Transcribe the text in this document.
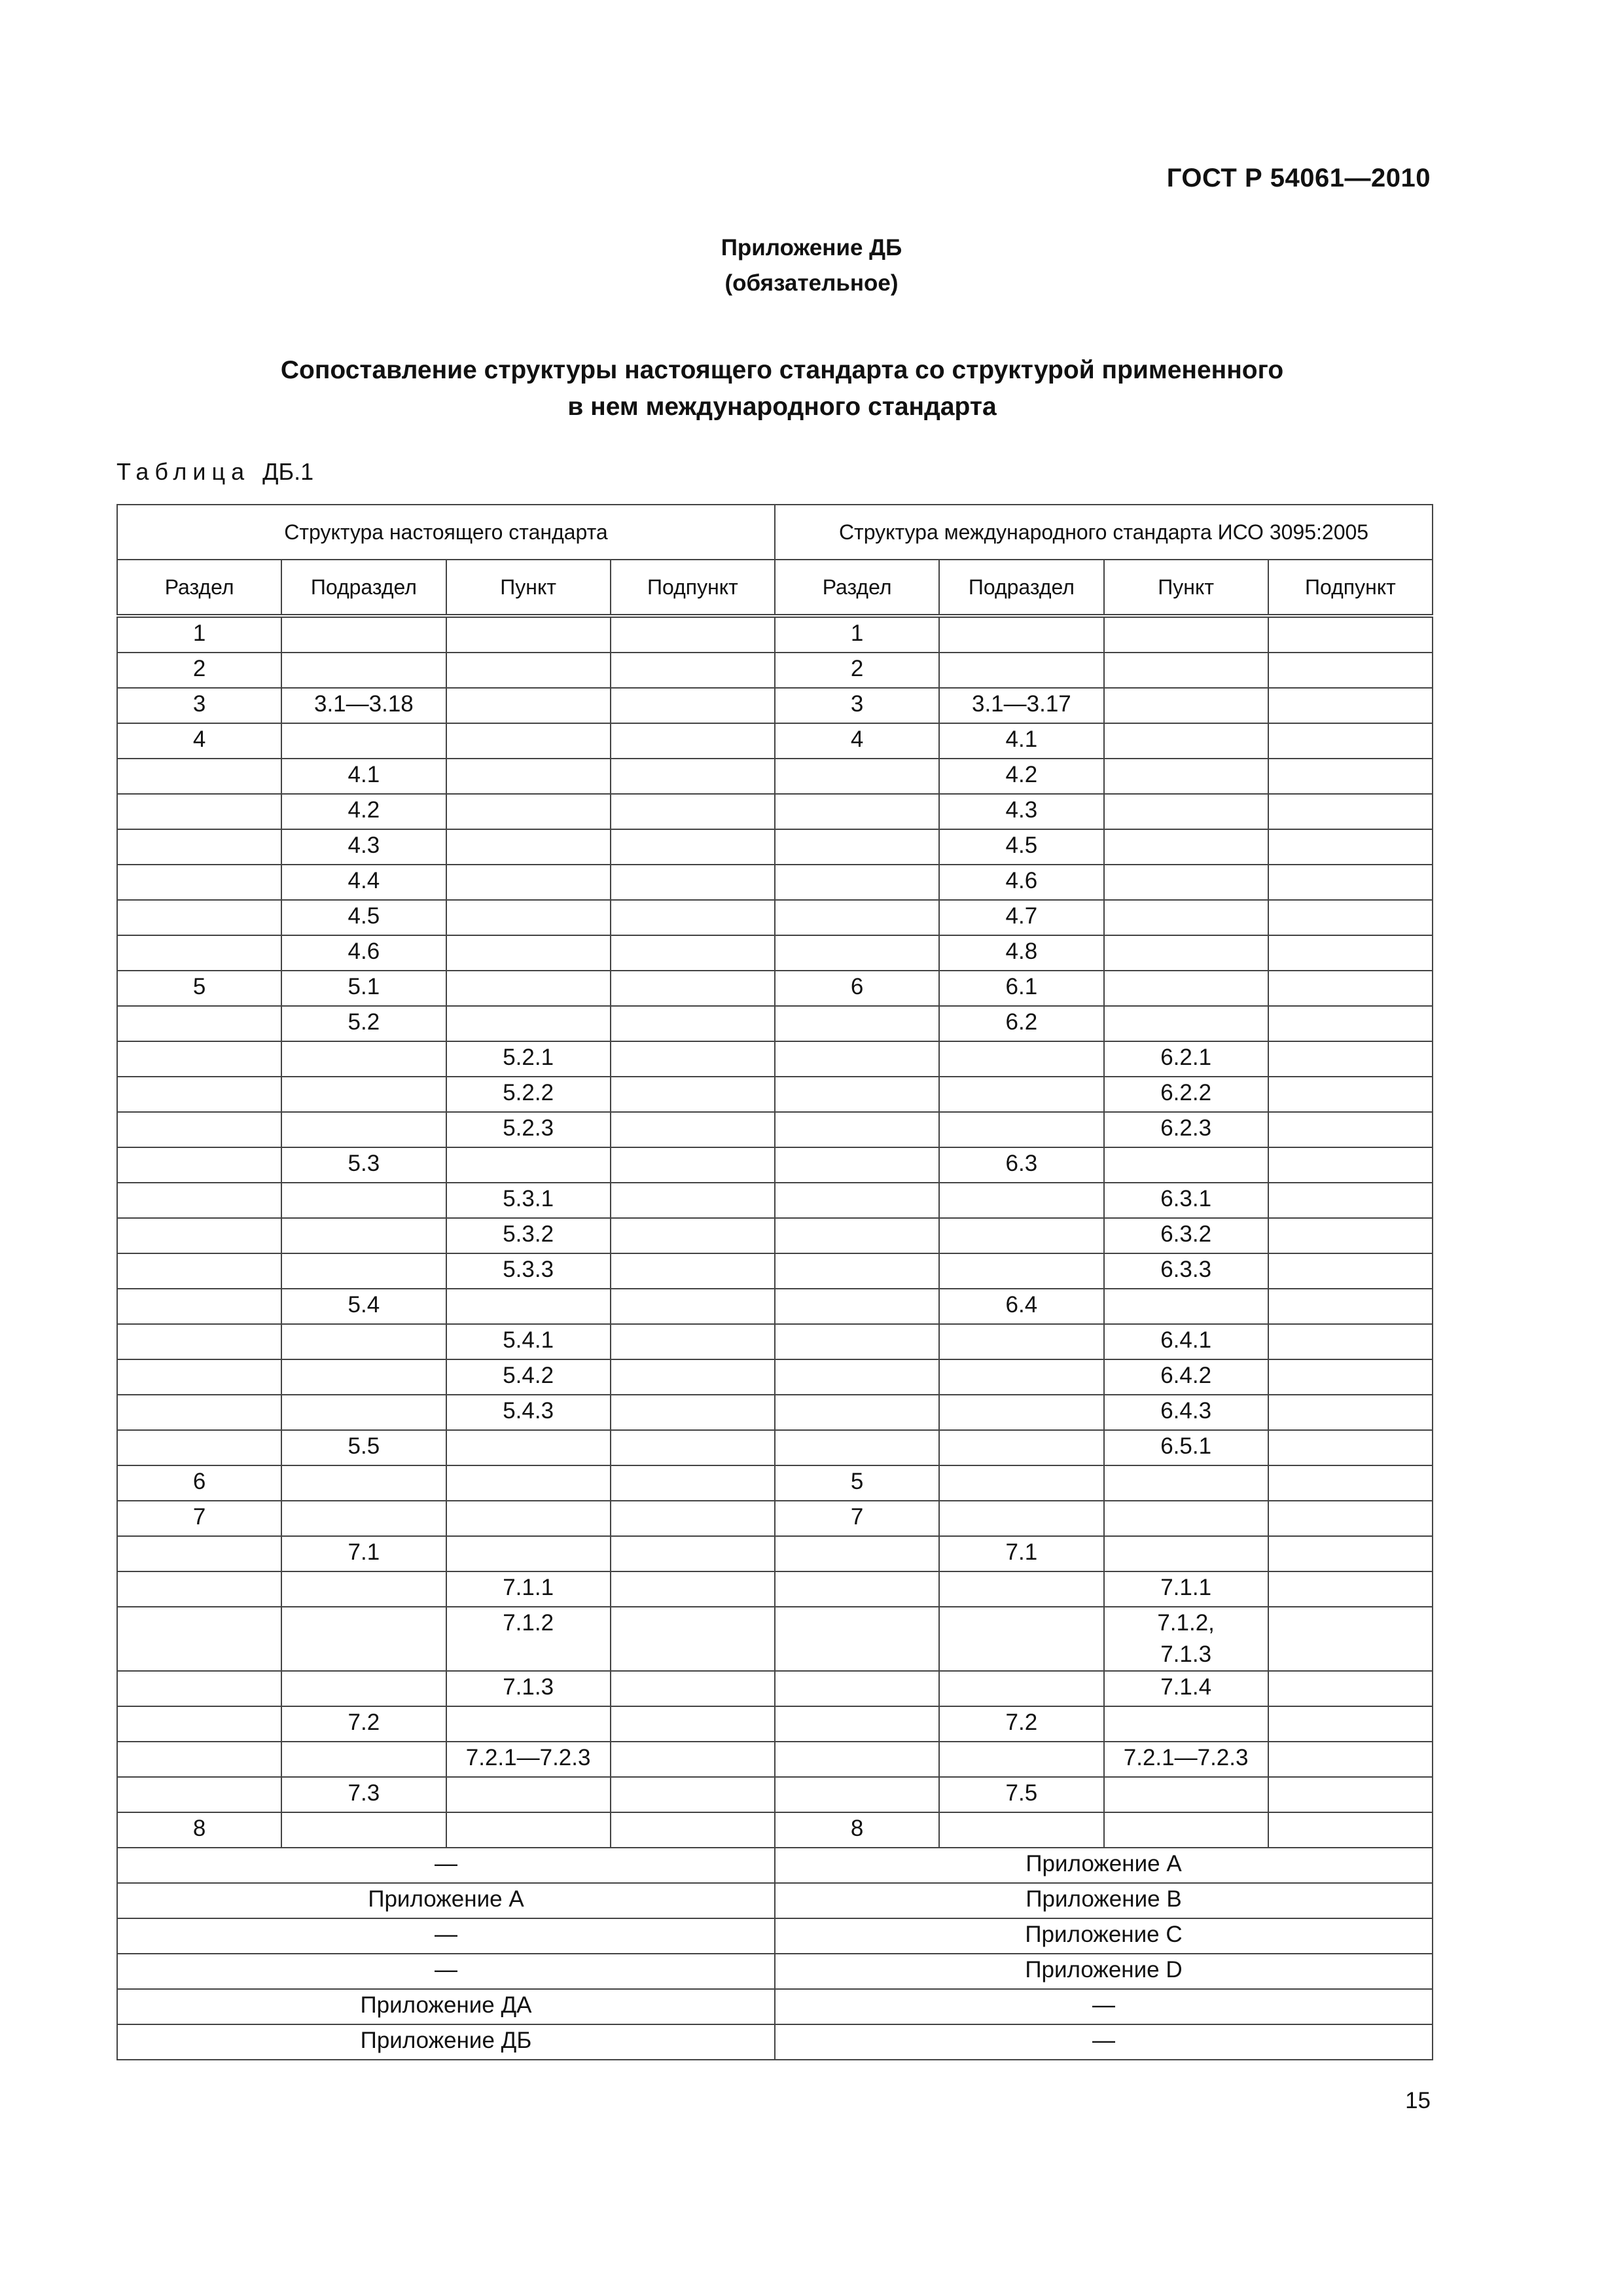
ГОСТ Р 54061—2010
Приложение ДБ
(обязательное)
Сопоставление структуры настоящего стандарта со структурой примененного
в нем международного стандарта
Таблица ДБ.1
Структура настоящего стандарта				Структура международного стандарта ИСО 3095:2005			
Раздел	Подраздел	Пункт	Подпункт	Раздел	Подраздел	Пункт	Подпункт
1				1			
2				2			
3	3.1—3.18			3	3.1—3.17		
4				4	4.1		
	4.1				4.2		
	4.2				4.3		
	4.3				4.5		
	4.4				4.6		
	4.5				4.7		
	4.6				4.8		
5	5.1			6	6.1		
	5.2				6.2		
		5.2.1				6.2.1	
		5.2.2				6.2.2	
		5.2.3				6.2.3	
	5.3				6.3		
		5.3.1				6.3.1	
		5.3.2				6.3.2	
		5.3.3				6.3.3	
	5.4				6.4		
		5.4.1				6.4.1	
		5.4.2				6.4.2	
		5.4.3				6.4.3	
	5.5					6.5.1	
6				5			
7				7			
	7.1				7.1		
		7.1.1				7.1.1	
		7.1.2				7.1.2,
7.1.3	

		7.1.3				7.1.4	
	7.2				7.2		
		7.2.1—7.2.3				7.2.1—7.2.3	
	7.3				7.5		
8				8			
—				Приложение А			
Приложение А				Приложение В			
—				Приложение С			
—				Приложение D			
Приложение ДА				—			
Приложение ДБ				—			
15
